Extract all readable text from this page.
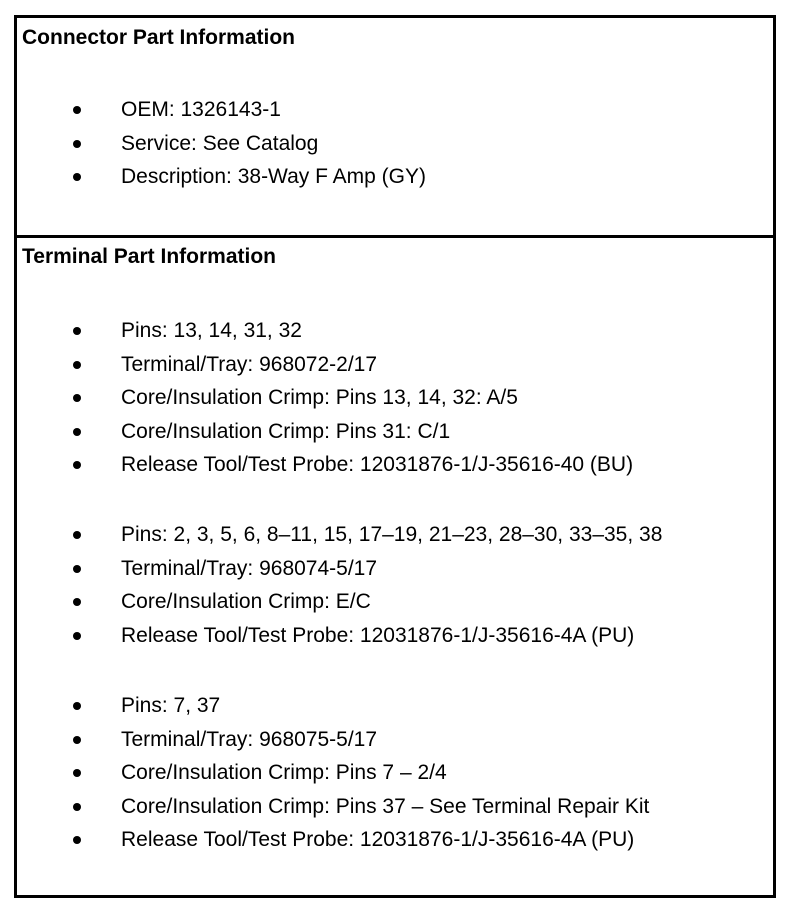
Connector Part Information
OEM: 1326143-1
Service: See Catalog
Description: 38-Way F Amp (GY)
Terminal Part Information
Pins: 13, 14, 31, 32
Terminal/Tray: 968072-2/17
Core/Insulation Crimp: Pins 13, 14, 32: A/5
Core/Insulation Crimp: Pins 31: C/1
Release Tool/Test Probe: 12031876-1/J-35616-40 (BU)
Pins: 2, 3, 5, 6, 8–11, 15, 17–19, 21–23, 28–30, 33–35, 38
Terminal/Tray: 968074-5/17
Core/Insulation Crimp: E/C
Release Tool/Test Probe: 12031876-1/J-35616-4A (PU)
Pins: 7, 37
Terminal/Tray: 968075-5/17
Core/Insulation Crimp: Pins 7 – 2/4
Core/Insulation Crimp: Pins 37 – See Terminal Repair Kit
Release Tool/Test Probe: 12031876-1/J-35616-4A (PU)
